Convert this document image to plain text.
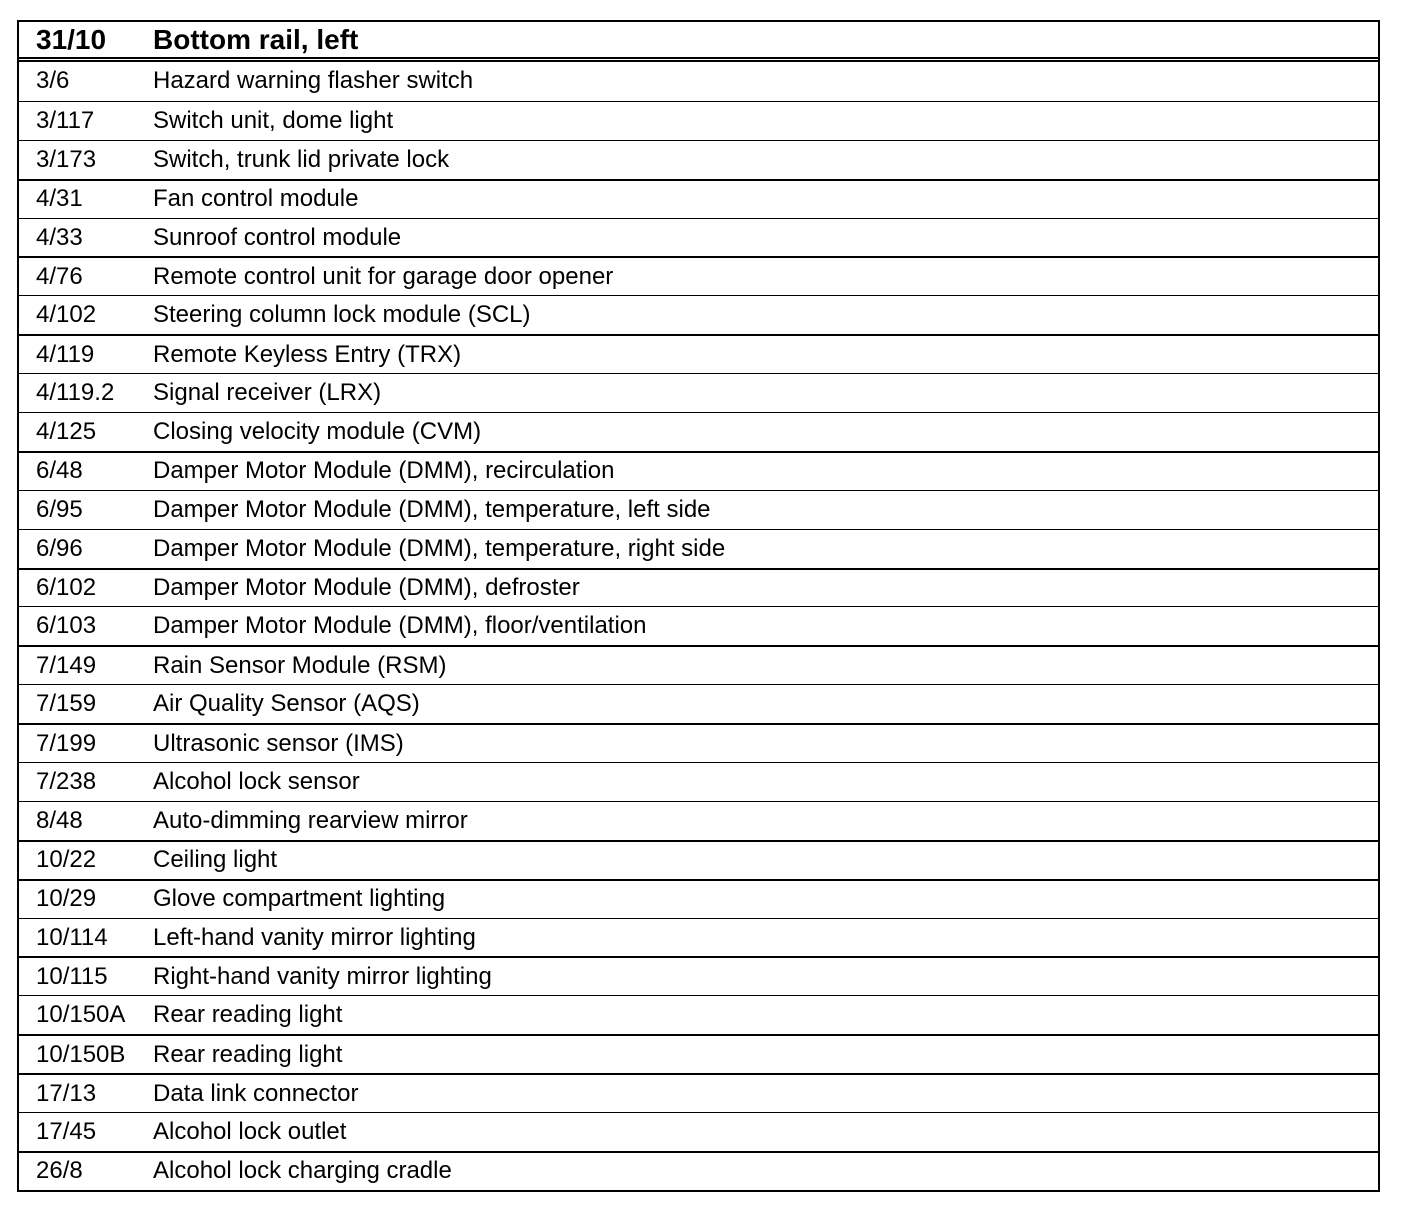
31/10	Bottom rail, left
3/6	Hazard warning flasher switch
3/117	Switch unit, dome light
3/173	Switch, trunk lid private lock
4/31	Fan control module
4/33	Sunroof control module
4/76	Remote control unit for garage door opener
4/102	Steering column lock module (SCL)
4/119	Remote Keyless Entry (TRX)
4/119.2	Signal receiver (LRX)
4/125	Closing velocity module (CVM)
6/48	Damper Motor Module (DMM), recirculation
6/95	Damper Motor Module (DMM), temperature, left side
6/96	Damper Motor Module (DMM), temperature, right side
6/102	Damper Motor Module (DMM), defroster
6/103	Damper Motor Module (DMM), floor/ventilation
7/149	Rain Sensor Module (RSM)
7/159	Air Quality Sensor (AQS)
7/199	Ultrasonic sensor (IMS)
7/238	Alcohol lock sensor
8/48	Auto-dimming rearview mirror
10/22	Ceiling light
10/29	Glove compartment lighting
10/114	Left-hand vanity mirror lighting
10/115	Right-hand vanity mirror lighting
10/150A	Rear reading light
10/150B	Rear reading light
17/13	Data link connector
17/45	Alcohol lock outlet
26/8	Alcohol lock charging cradle
